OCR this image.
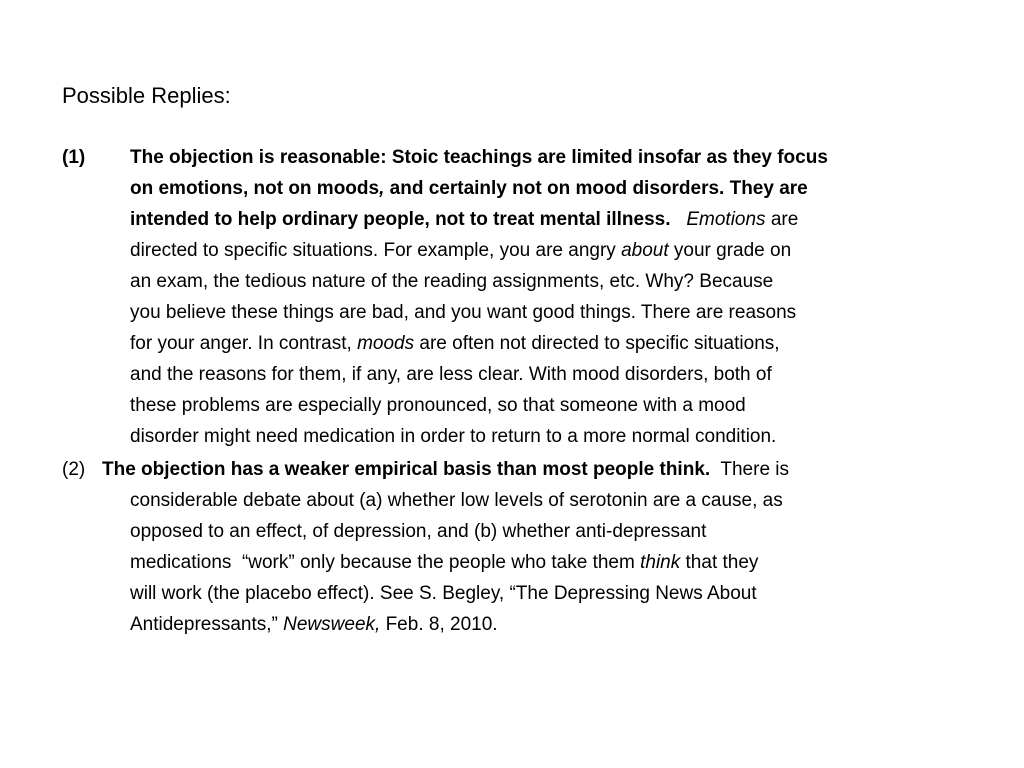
Possible Replies:
(1) The objection is reasonable: Stoic teachings are limited insofar as they focus
on emotions, not on moods, and certainly not on mood disorders. They are
intended to help ordinary people, not to treat mental illness. Emotions are
directed to specific situations. For example, you are angry about your grade on
an exam, the tedious nature of the reading assignments, etc. Why? Because
you believe these things are bad, and you want good things. There are reasons
for your anger. In contrast, moods are often not directed to specific situations,
and the reasons for them, if any, are less clear. With mood disorders, both of
these problems are especially pronounced, so that someone with a mood
disorder might need medication in order to return to a more normal condition.
(2) The objection has a weaker empirical basis than most people think.  There is
considerable debate about (a) whether low levels of serotonin are a cause, as
opposed to an effect, of depression, and (b) whether anti-depressant
medications  “work” only because the people who take them think that they
will work (the placebo effect). See S. Begley, “The Depressing News About
Antidepressants,” Newsweek, Feb. 8, 2010.
